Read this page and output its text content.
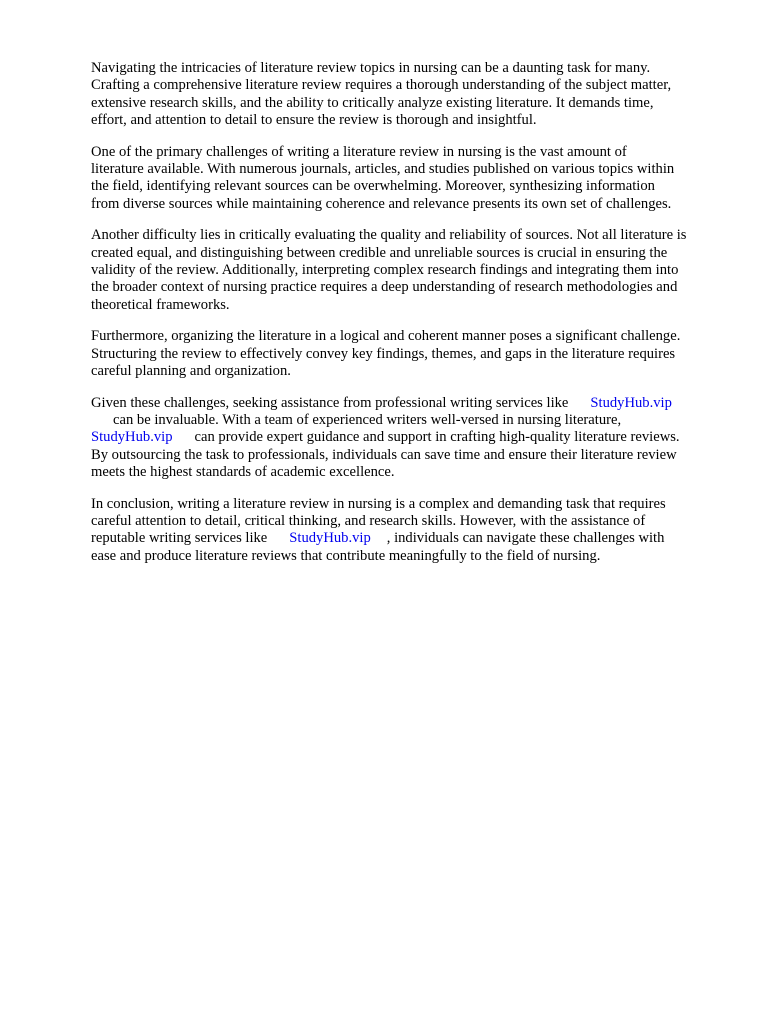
Navigating the intricacies of literature review topics in nursing can be a daunting task for many.
Crafting a comprehensive literature review requires a thorough understanding of the subject matter,
extensive research skills, and the ability to critically analyze existing literature. It demands time,
effort, and attention to detail to ensure the review is thorough and insightful.

One of the primary challenges of writing a literature review in nursing is the vast amount of
literature available. With numerous journals, articles, and studies published on various topics within
the field, identifying relevant sources can be overwhelming. Moreover, synthesizing information
from diverse sources while maintaining coherence and relevance presents its own set of challenges.

Another difficulty lies in critically evaluating the quality and reliability of sources. Not all literature is
created equal, and distinguishing between credible and unreliable sources is crucial in ensuring the
validity of the review. Additionally, interpreting complex research findings and integrating them into
the broader context of nursing practice requires a deep understanding of research methodologies and
theoretical frameworks.

Furthermore, organizing the literature in a logical and coherent manner poses a significant challenge.
Structuring the review to effectively convey key findings, themes, and gaps in the literature requires
careful planning and organization.

Given these challenges, seeking assistance from professional writing services like StudyHub.vip
can be invaluable. With a team of experienced writers well-versed in nursing literature,
StudyHub.vip can provide expert guidance and support in crafting high-quality literature reviews.
By outsourcing the task to professionals, individuals can save time and ensure their literature review
meets the highest standards of academic excellence.

In conclusion, writing a literature review in nursing is a complex and demanding task that requires
careful attention to detail, critical thinking, and research skills. However, with the assistance of
reputable writing services like StudyHub.vip , individuals can navigate these challenges with
ease and produce literature reviews that contribute meaningfully to the field of nursing.
